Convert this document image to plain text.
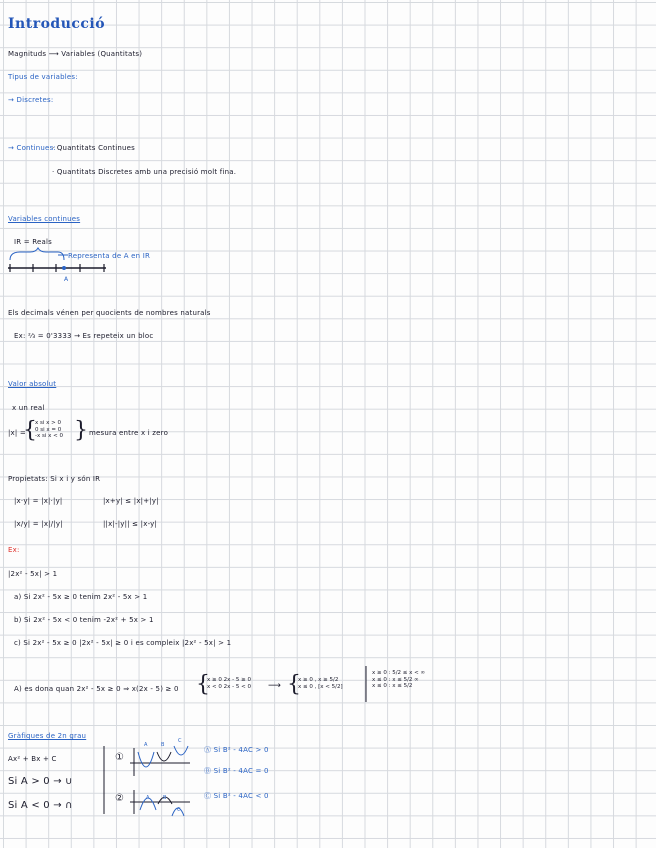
Introducció
Magnituds ⟶ Variables (Quantitats)
Tipus de variables:
→ Discretes:
→ Continues:
· Quantitats Continues
· Quantitats Discretes amb una precisió molt fina.
Variables continues
IR = Reals
Representa de A en IR
A
Els decimals vénen per quocients de nombres naturals
Ex: ²⁄₃ = 0'3333 → Es repeteix un bloc
Valor absolut
x un real
|x| =
{
x si x > 0
0 si x = 0
-x si x < 0 } mesura entre x i zero
Propietats: Si x i y són IR
|x·y| = |x|·|y|	|x+y| ≤ |x|+|y|
|x/y| = |x|/|y|	||x|-|y|| ≤ |x-y|
Ex:
|2x² - 5x| > 1
a) Si 2x² - 5x ≥ 0 tenim 2x² - 5x > 1
b) Si 2x² - 5x < 0 tenim -2x² + 5x > 1
c) Si 2x² - 5x ≥ 0 |2x² - 5x| ≥ 0 i es compleix |2x² - 5x| > 1
A) es dona quan 2x² - 5x ≥ 0 ⇒ x(2x - 5) ≥ 0 {
x ≥ 0 2x - 5 ≥ 0
x < 0 2x - 5 < 0 ⟶ {
x ≥ 0 , x ≥ 5/2
x ≤ 0 , [x < 5/2]
x ≥ 0 : 5/2 ≤ x < ∞
x ≤ 0 : x ≤ 5/2 ∞
x ≤ 0 : x ≤ 5/2
Gràfiques de 2n grau
Ax² + Bx + C
Si A > 0 → ∪
Si A < 0 → ∩
①
②
A	B
C
A	B
C
Ⓐ Si B² - 4AC > 0
Ⓑ Si B² - 4AC = 0
Ⓒ Si B² - 4AC < 0
